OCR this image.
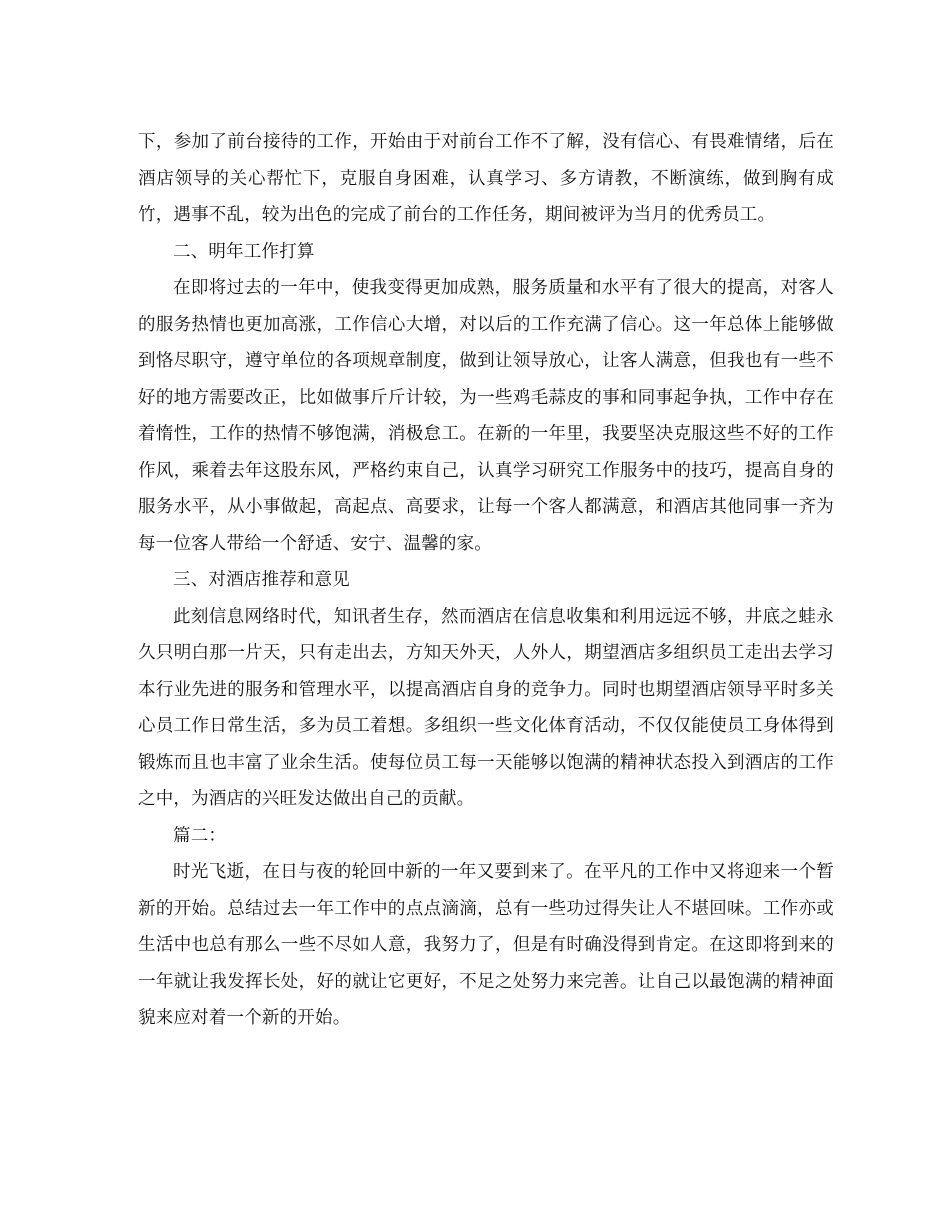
下，参加了前台接待的工作，开始由于对前台工作不了解，没有信心、有畏难情绪，后在酒店领导的关心帮忙下，克服自身困难，认真学习、多方请教，不断演练，做到胸有成竹，遇事不乱，较为出色的完成了前台的工作任务，期间被评为当月的优秀员工。

二、明年工作打算

在即将过去的一年中，使我变得更加成熟，服务质量和水平有了很大的提高，对客人的服务热情也更加高涨，工作信心大增，对以后的工作充满了信心。这一年总体上能够做到恪尽职守，遵守单位的各项规章制度，做到让领导放心，让客人满意，但我也有一些不好的地方需要改正，比如做事斤斤计较，为一些鸡毛蒜皮的事和同事起争执，工作中存在着惰性，工作的热情不够饱满，消极怠工。在新的一年里，我要坚决克服这些不好的工作作风，乘着去年这股东风，严格约束自己，认真学习研究工作服务中的技巧，提高自身的服务水平，从小事做起，高起点、高要求，让每一个客人都满意，和酒店其他同事一齐为每一位客人带给一个舒适、安宁、温馨的家。

三、对酒店推荐和意见

此刻信息网络时代，知讯者生存，然而酒店在信息收集和利用远远不够，井底之蛙永久只明白那一片天，只有走出去，方知天外天，人外人，期望酒店多组织员工走出去学习本行业先进的服务和管理水平，以提高酒店自身的竞争力。同时也期望酒店领导平时多关心员工作日常生活，多为员工着想。多组织一些文化体育活动，不仅仅能使员工身体得到锻炼而且也丰富了业余生活。使每位员工每一天能够以饱满的精神状态投入到酒店的工作之中，为酒店的兴旺发达做出自己的贡献。

篇二：

时光飞逝，在日与夜的轮回中新的一年又要到来了。在平凡的工作中又将迎来一个暂新的开始。总结过去一年工作中的点点滴滴，总有一些功过得失让人不堪回味。工作亦或生活中也总有那么一些不尽如人意，我努力了，但是有时确没得到肯定。在这即将到来的一年就让我发挥长处，好的就让它更好，不足之处努力来完善。让自己以最饱满的精神面貌来应对着一个新的开始。
